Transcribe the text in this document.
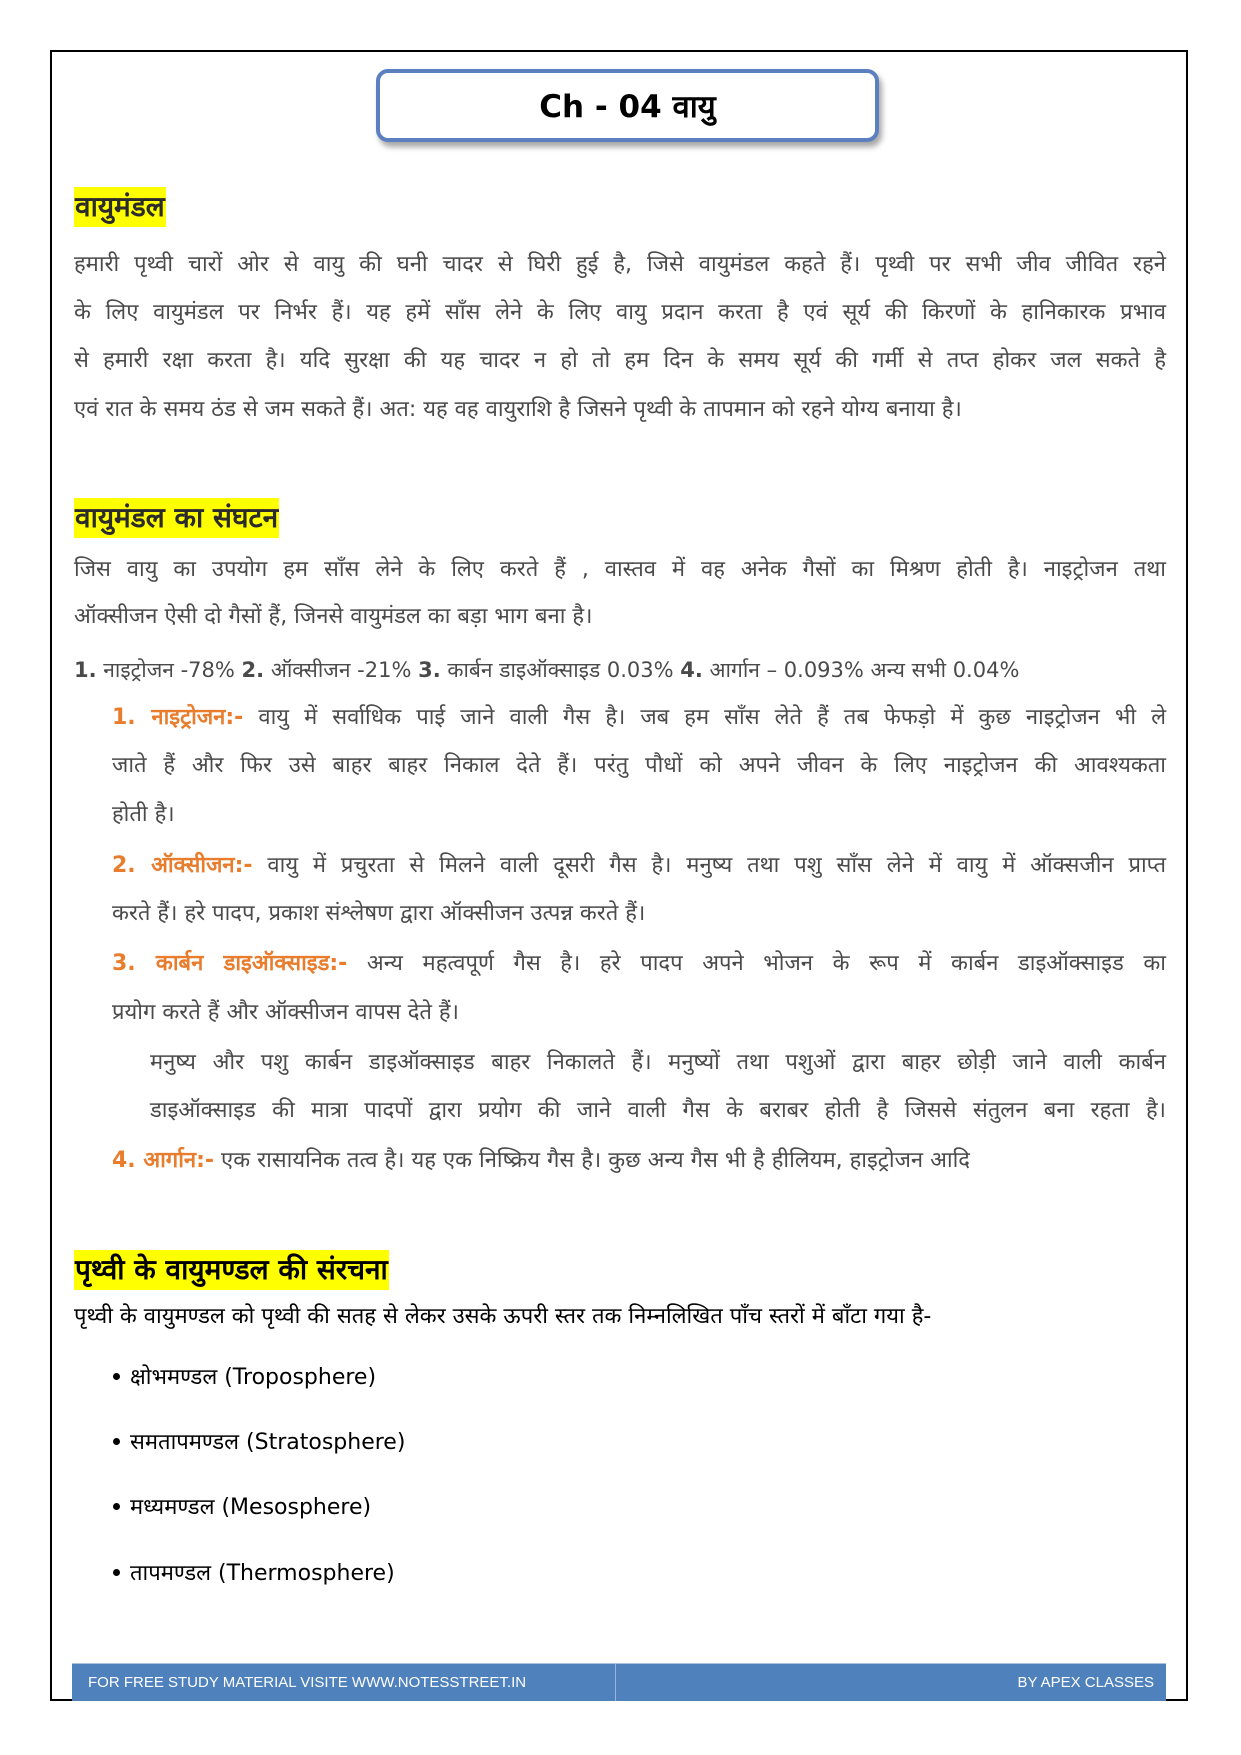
Ch - 04 वायु
वायुमंडल
हमारी पृथ्वी चारों ओर से वायु की घनी चादर से घिरी हुई है, जिसे वायुमंडल कहते हैं। पृथ्वी पर सभी जीव जीवित रहने
के लिए वायुमंडल पर निर्भर हैं। यह हमें साँस लेने के लिए वायु प्रदान करता है एवं सूर्य की किरणों के हानिकारक प्रभाव
से हमारी रक्षा करता है। यदि सुरक्षा की यह चादर न हो तो हम दिन के समय सूर्य की गर्मी से तप्त होकर जल सकते है
एवं रात के समय ठंड से जम सकते हैं। अत: यह वह वायुराशि है जिसने पृथ्वी के तापमान को रहने योग्य बनाया है।
वायुमंडल का संघटन
जिस वायु का उपयोग हम साँस लेने के लिए करते हैं , वास्तव में वह अनेक गैसों का मिश्रण होती है। नाइट्रोजन तथा
ऑक्सीजन ऐसी दो गैसों हैं, जिनसे वायुमंडल का बड़ा भाग बना है।
1. नाइट्रोजन -78% 2. ऑक्सीजन -21% 3. कार्बन डाइऑक्साइड 0.03% 4. आर्गान – 0.093% अन्य सभी 0.04%
1. नाइट्रोजन:- वायु में सर्वाधिक पाई जाने वाली गैस है। जब हम साँस लेते हैं तब फेफड़ो में कुछ नाइट्रोजन भी ले
जाते हैं और फिर उसे बाहर बाहर निकाल देते हैं। परंतु पौधों को अपने जीवन के लिए नाइट्रोजन की आवश्यकता
होती है।
2. ऑक्सीजन:- वायु में प्रचुरता से मिलने वाली दूसरी गैस है। मनुष्य तथा पशु साँस लेने में वायु में ऑक्सजीन प्राप्त
करते हैं। हरे पादप, प्रकाश संश्लेषण द्वारा ऑक्सीजन उत्पन्न करते हैं।
3. कार्बन डाइऑक्साइड:- अन्य महत्वपूर्ण गैस है। हरे पादप अपने भोजन के रूप में कार्बन डाइऑक्साइड का
प्रयोग करते हैं और ऑक्सीजन वापस देते हैं।
मनुष्य और पशु कार्बन डाइऑक्साइड बाहर निकालते हैं। मनुष्यों तथा पशुओं द्वारा बाहर छोड़ी जाने वाली कार्बन
डाइऑक्साइड की मात्रा पादपों द्वारा प्रयोग की जाने वाली गैस के बराबर होती है जिससे संतुलन बना रहता है।
4. आर्गान:- एक रासायनिक तत्व है। यह एक निष्क्रिय गैस है। कुछ अन्य गैस भी है हीलियम, हाइट्रोजन आदि
पृथ्वी के वायुमण्डल की संरचना
पृथ्वी के वायुमण्डल को पृथ्वी की सतह से लेकर उसके ऊपरी स्तर तक निम्नलिखित पाँच स्तरों में बाँटा गया है-
क्षोभमण्डल (Troposphere)
समतापमण्डल (Stratosphere)
मध्यमण्डल (Mesosphere)
तापमण्डल (Thermosphere)
FOR FREE STUDY MATERIAL VISITE WWW.NOTESSTREET.IN	BY APEX CLASSES
